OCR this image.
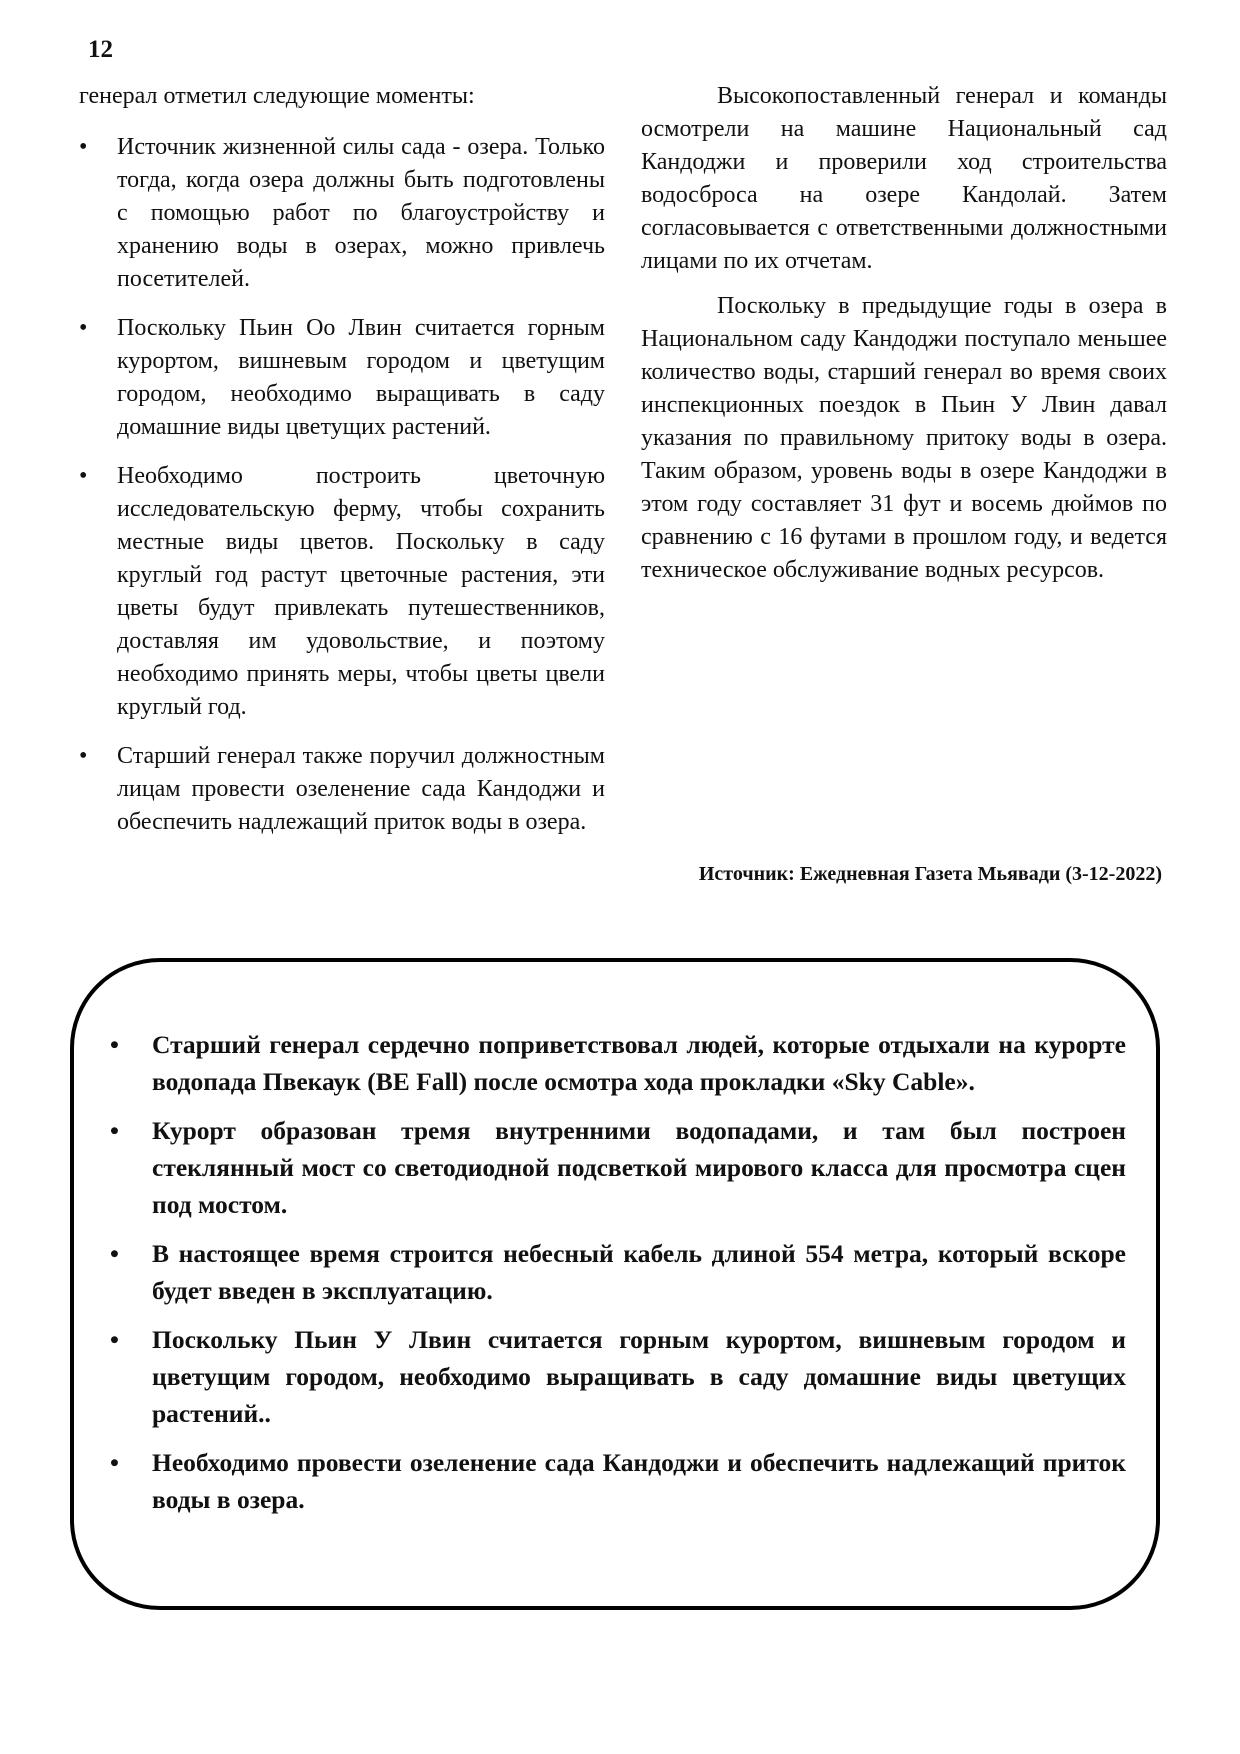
12

генерал отметил следующие моменты:

• Источник жизненной силы сада - озера. Только тогда, когда озера должны быть подготовлены с помощью работ по благоустройству и хранению воды в озерах, можно привлечь посетителей.
• Поскольку Пьин Оо Лвин считается горным курортом, вишневым городом и цветущим городом, необходимо выращивать в саду домашние виды цветущих растений.
• Необходимо построить цветочную исследовательскую ферму, чтобы сохранить местные виды цветов. Поскольку в саду круглый год растут цветочные растения, эти цветы будут привлекать путешественников, доставляя им удовольствие, и поэтому необходимо принять меры, чтобы цветы цвели круглый год.
• Старший генерал также поручил должностным лицам провести озеленение сада Кандоджи и обеспечить надлежащий приток воды в озера.

Высокопоставленный генерал и команды осмотрели на машине Национальный сад Кандоджи и проверили ход строительства водосброса на озере Кандолай. Затем согласовывается с ответственными должностными лицами по их отчетам.

Поскольку в предыдущие годы в озера в Национальном саду Кандоджи поступало меньшее количество воды, старший генерал во время своих инспекционных поездок в Пьин У Лвин давал указания по правильному притоку воды в озера. Таким образом, уровень воды в озере Кандоджи в этом году составляет 31 фут и восемь дюймов по сравнению с 16 футами в прошлом году, и ведется техническое обслуживание водных ресурсов.

Источник: Ежедневная Газета Мьявади (3-12-2022)
• Старший генерал сердечно поприветствовал людей, которые отдыхали на курорте водопада Пвекаук (BE Fall) после осмотра хода прокладки «Sky Cable».
• Курорт образован тремя внутренними водопадами, и там был построен стеклянный мост со светодиодной подсветкой мирового класса для просмотра сцен под мостом.
• В настоящее время строится небесный кабель длиной 554 метра, который вскоре будет введен в эксплуатацию.
• Поскольку Пьин У Лвин считается горным курортом, вишневым городом и цветущим городом, необходимо выращивать в саду домашние виды цветущих растений..
• Необходимо провести озеленение сада Кандоджи и обеспечить надлежащий приток воды в озера.
